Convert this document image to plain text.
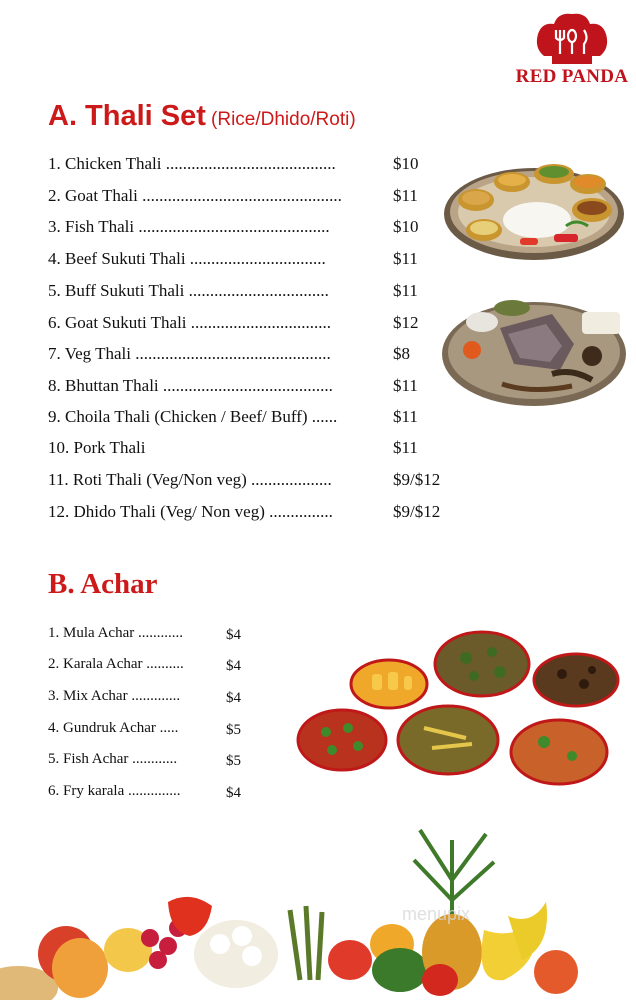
RED PANDA
A. Thali Set (Rice/Dhido/Roti)
1. Chicken Thali ........................................	$10
2. Goat Thali ...............................................	$11
3. Fish Thali .............................................	$10
4. Beef Sukuti Thali ................................	$11
5. Buff Sukuti Thali .................................	$11
6. Goat Sukuti Thali .................................	$12
7. Veg Thali ..............................................	$8
8. Bhuttan Thali ........................................	$11
9. Choila Thali (Chicken / Beef/ Buff) ......	$11
10. Pork Thali	$11
11. Roti Thali (Veg/Non veg) ...................	$9/$12
12. Dhido Thali (Veg/ Non veg) ...............	$9/$12
B. Achar
1. Mula Achar ............	$4
2. Karala Achar ..........	$4
3. Mix Achar .............	$4
4. Gundruk Achar .....	$5
5. Fish Achar ............	$5
6. Fry karala ..............	$4
menupix
